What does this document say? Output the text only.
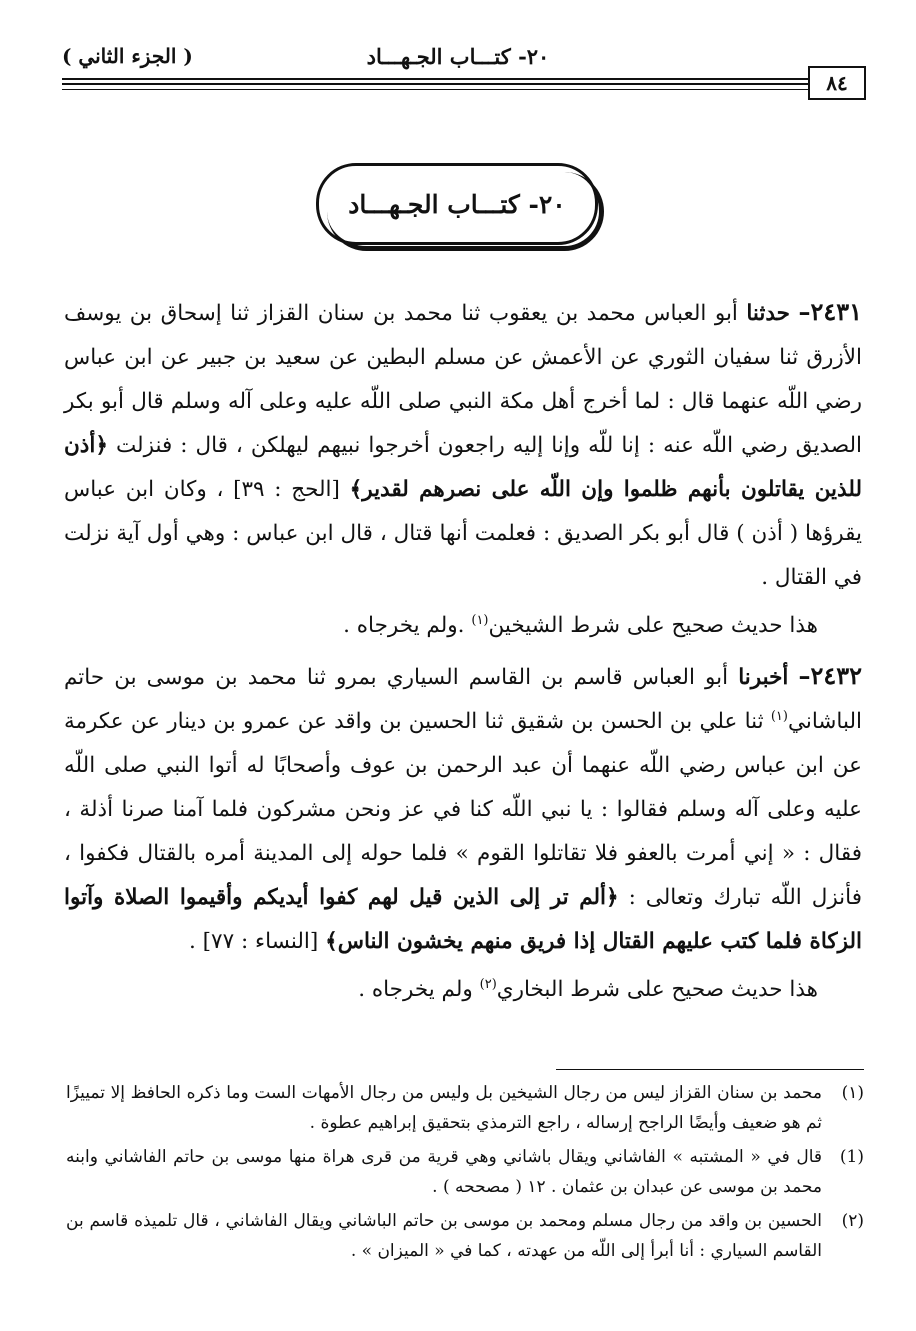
( الجزء الثاني )	٢٠- كتـــاب الجـهـــاد
٨٤
٢٠- كتـــاب الجـهـــاد

٢٤٣١– حدثنا أبو العباس محمد بن يعقوب ثنا محمد بن سنان القزاز ثنا إسحاق بن يوسف الأزرق ثنا سفيان الثوري عن الأعمش عن مسلم البطين عن سعيد بن جبير عن ابن عباس رضي اللّه عنهما قال : لما أخرج أهل مكة النبي صلى اللّه عليه وعلى آله وسلم قال أبو بكر الصديق رضي اللّه عنه : إنا للّه وإنا إليه راجعون أخرجوا نبيهم ليهلكن ، قال : فنزلت ﴿أذن للذين يقاتلون بأنهم ظلموا وإن اللّه على نصرهم لقدير﴾ [الحج : ٣٩] ، وكان ابن عباس يقرؤها ( أذن ) قال أبو بكر الصديق : فعلمت أنها قتال ، قال ابن عباس : وهي أول آية نزلت في القتال .

هذا حديث صحيح على شرط الشيخين$^{(١)}$ .ولم يخرجاه .

٢٤٣٢– أخبرنا أبو العباس قاسم بن القاسم السياري بمرو ثنا محمد بن موسى بن حاتم الباشاني$^{(١)}$ ثنا علي بن الحسن بن شقيق ثنا الحسين بن واقد عن عمرو بن دينار عن عكرمة عن ابن عباس رضي اللّه عنهما أن عبد الرحمن بن عوف وأصحابًا له أتوا النبي صلى اللّه عليه وعلى آله وسلم فقالوا : يا نبي اللّه كنا في عز ونحن مشركون فلما آمنا صرنا أذلة ، فقال : « إني أمرت بالعفو فلا تقاتلوا القوم » فلما حوله إلى المدينة أمره بالقتال فكفوا ، فأنزل اللّه تبارك وتعالى : ﴿ألم تر إلى الذين قيل لهم كفوا أيديكم وأقيموا الصلاة وآتوا الزكاة فلما كتب عليهم القتال إذا فريق منهم يخشون الناس﴾ [النساء : ٧٧] .

هذا حديث صحيح على شرط البخاري$^{(٢)}$ ولم يخرجاه .

(١)
محمد بن سنان القزاز ليس من رجال الشيخين بل وليس من رجال الأمهات الست وما ذكره الحافظ إلا تمييزًا ثم هو ضعيف وأيضًا الراجح إرساله ، راجع الترمذي بتحقيق إبراهيم عطوة .

(1)
قال في « المشتبه » الفاشاني ويقال باشاني وهي قرية من قرى هراة منها موسى بن حاتم الفاشاني وابنه محمد بن موسى عن عبدان بن عثمان . ١٢ ( مصححه ) .

(٢)
الحسين بن واقد من رجال مسلم ومحمد بن موسى بن حاتم الباشاني ويقال الفاشاني ، قال تلميذه قاسم بن القاسم السياري : أنا أبرأ إلى اللّه من عهدته ، كما في « الميزان » .
